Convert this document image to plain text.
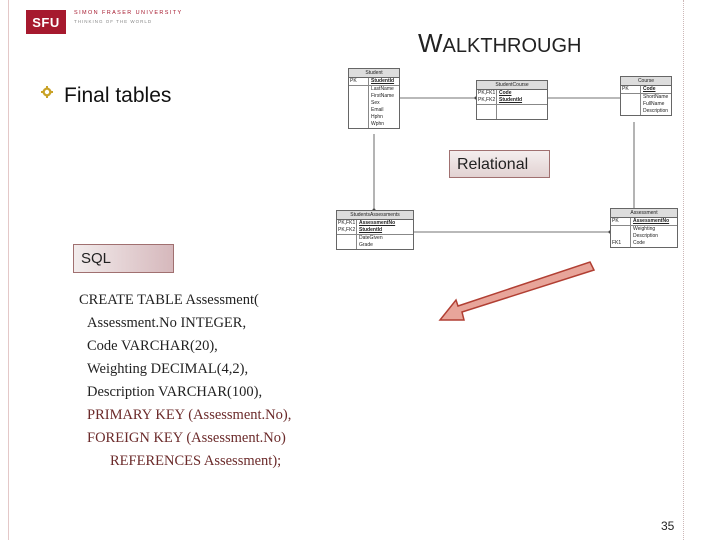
SFU
SIMON FRASER UNIVERSITY
THINKING OF THE WORLD
WALKTHROUGH
Final tables
Student
PK	StudentId
LastName
FirstName
Sex
Email
Hphn
Wphn
StudentCourse
PK,FK1 Code
PK,FK2 StudentId
Course
PK	Code
ShortName
FullName
Description
StudentsAssessments
PK,FK1 AssessmentNo
PK,FK2 StudentId
DateGiven
Grade
Assessment
PK	AssessmentNo
Weighting
Description
FK1	Code
Relational
SQL
CREATE TABLE Assessment(
Assessment.No INTEGER,
Code VARCHAR(20),
Weighting DECIMAL(4,2),
Description VARCHAR(100),
PRIMARY KEY (Assessment.No),
FOREIGN KEY (Assessment.No)
REFERENCES Assessment);
35
